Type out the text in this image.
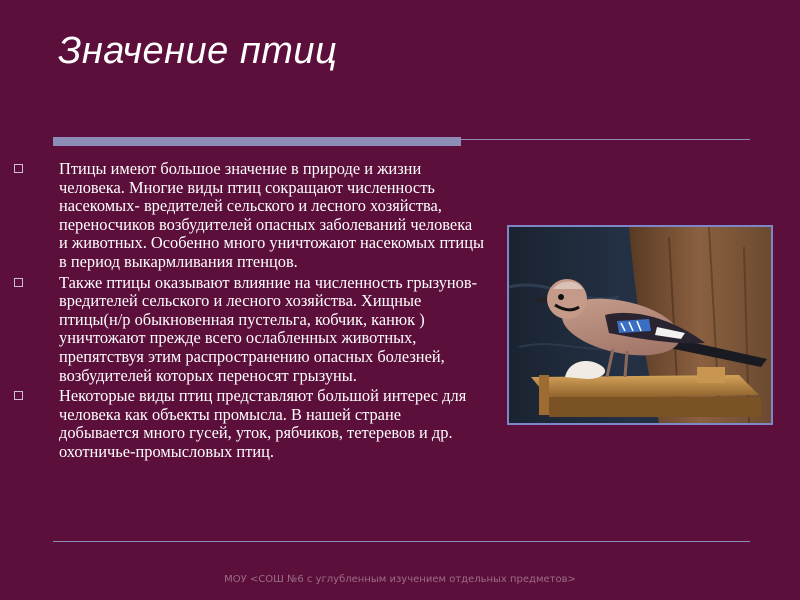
Значение птиц
Птицы имеют большое значение в природе и жизни человека. Многие виды птиц сокращают численность насекомых- вредителей сельского и лесного хозяйства, переносчиков возбудителей опасных заболеваний человека и животных. Особенно много уничтожают насекомых птицы в период выкармливания птенцов.
Также птицы оказывают влияние на численность грызунов- вредителей сельского и лесного хозяйства. Хищные птицы(н/р обыкновенная пустельга, кобчик, канюк ) уничтожают прежде всего ослабленных животных, препятствуя этим распространению опасных болезней, возбудителей которых переносят грызуны.
Некоторые виды птиц представляют большой интерес для человека как объекты промысла. В нашей стране добывается много гусей, уток, рябчиков, тетеревов и др. охотничье-промысловых птиц.
МОУ <СОШ №6 с углубленным изучением отдельных предметов>
